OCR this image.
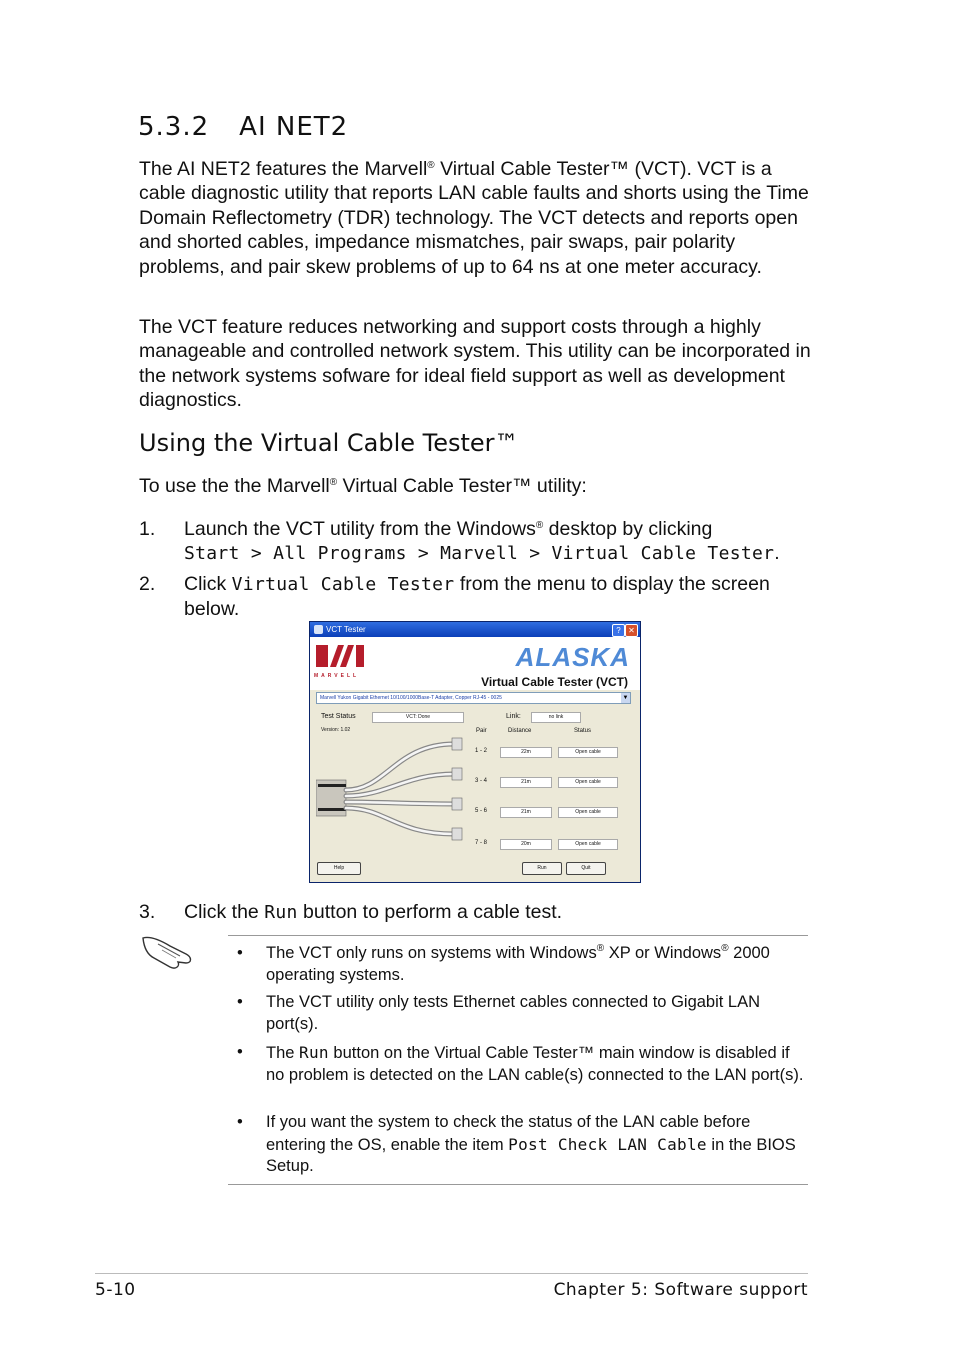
5.3.2 AI NET2
The AI NET2 features the Marvell® Virtual Cable Tester™ (VCT). VCT is a cable diagnostic utility that reports LAN cable faults and shorts using the Time Domain Reflectometry (TDR) technology. The VCT detects and reports open and shorted cables, impedance mismatches, pair swaps, pair polarity problems, and pair skew problems of up to 64 ns at one meter accuracy.
The VCT feature reduces networking and support costs through a highly manageable and controlled network system. This utility can be incorporated in the network systems sofware for ideal field support as well as development diagnostics.
Using the Virtual Cable Tester™
To use the the Marvell® Virtual Cable Tester™ utility:
1. Launch the VCT utility from the Windows® desktop by clicking
Start > All Programs > Marvell > Virtual Cable Tester.
2. Click Virtual Cable Tester from the menu to display the screen below.
VCT Tester	? ✕
MARVELL
ALASKA
Virtual Cable Tester (VCT)
Marvell Yukon Gigabit Ethernet 10/100/1000Base-T Adapter, Copper RJ-45 - 0025	▼
Test Status	VCT: Done
Version: 1.02
Link:	no link
Pair	Distance	Status
1 - 2	22m	Open cable
3 - 4	21m	Open cable
5 - 6	21m	Open cable
7 - 8	20m	Open cable
Help	Run	Quit
3. Click the Run button to perform a cable test.
• The VCT only runs on systems with Windows® XP or Windows® 2000 operating systems.
• The VCT utility only tests Ethernet cables connected to Gigabit LAN port(s).
• The Run button on the Virtual Cable Tester™ main window is disabled if no problem is detected on the LAN cable(s) connected to the LAN port(s).
• If you want the system to check the status of the LAN cable before entering the OS, enable the item Post Check LAN Cable in the BIOS Setup.
5-10	Chapter 5: Software support
